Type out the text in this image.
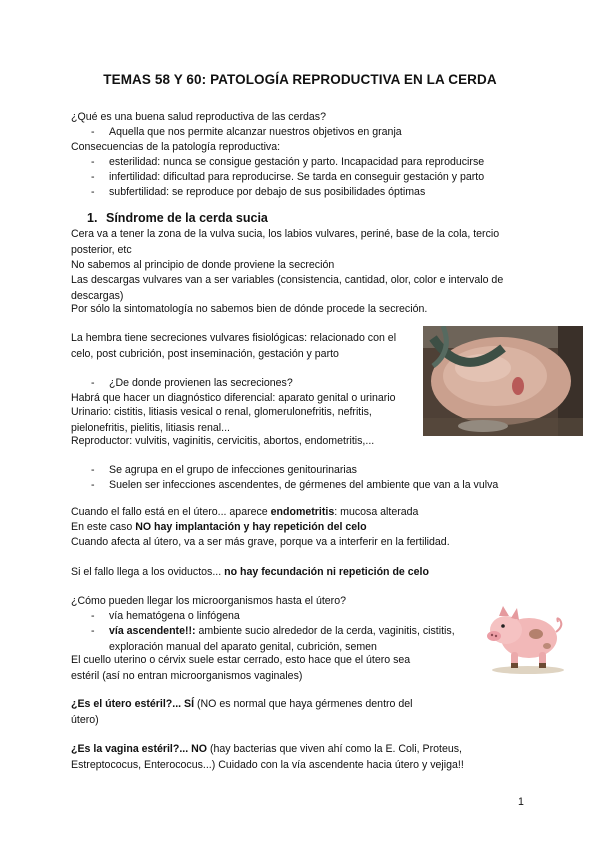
TEMAS 58 Y 60: PATOLOGÍA REPRODUCTIVA EN LA CERDA
¿Qué es una buena salud reproductiva de las cerdas?
- Aquella que nos permite alcanzar nuestros objetivos en granja
Consecuencias de la patología reproductiva:
- esterilidad: nunca se consigue gestación y parto. Incapacidad para reproducirse
- infertilidad: dificultad para reproducirse. Se tarda en conseguir gestación y parto
- subfertilidad: se reproduce por debajo de sus posibilidades óptimas
1. Síndrome de la cerda sucia
Cera va a tener la zona de la vulva sucia, los labios vulvares, periné, base de la cola, tercio posterior, etc
No sabemos al principio de donde proviene la secreción
Las descargas vulvares van a ser variables (consistencia, cantidad, olor, color e intervalo de descargas)
Por sólo la sintomatología no sabemos bien de dónde procede la secreción.
La hembra tiene secreciones vulvares fisiológicas: relacionado con el celo, post cubrición, post inseminación, gestación y parto
- ¿De donde provienen las secreciones?
Habrá que hacer un diagnóstico diferencial: aparato genital o urinario
Urinario: cistitis, litiasis vesical o renal, glomerulonefritis, nefritis, pielonefritis, pielitis, litiasis renal...
Reproductor: vulvitis, vaginitis, cervicitis, abortos, endometritis,...
- Se agrupa en el grupo de infecciones genitourinarias
- Suelen ser infecciones ascendentes, de gérmenes del ambiente que van a la vulva
Cuando el fallo está en el útero... aparece endometritis: mucosa alterada
En este caso NO hay implantación y hay repetición del celo
Cuando afecta al útero, va a ser más grave, porque va a interferir en la fertilidad.
Si el fallo llega a los oviductos... no hay fecundación ni repetición de celo
¿Cómo pueden llegar los microorganismos hasta el útero?
- vía hematógena o linfógena
- vía ascendente!!: ambiente sucio alrededor de la cerda, vaginitis, cistitis, exploración manual del aparato genital, cubrición, semen
El cuello uterino o cérvix suele estar cerrado, esto hace que el útero sea estéril (así no entran microorganismos vaginales)
¿Es el útero estéril?... SÍ (NO es normal que haya gérmenes dentro del útero)
¿Es la vagina estéril?... NO (hay bacterias que viven ahí como la E. Coli, Proteus, Estreptococus, Enterococus...) Cuidado con la vía ascendente hacia útero y vejiga!!
1
